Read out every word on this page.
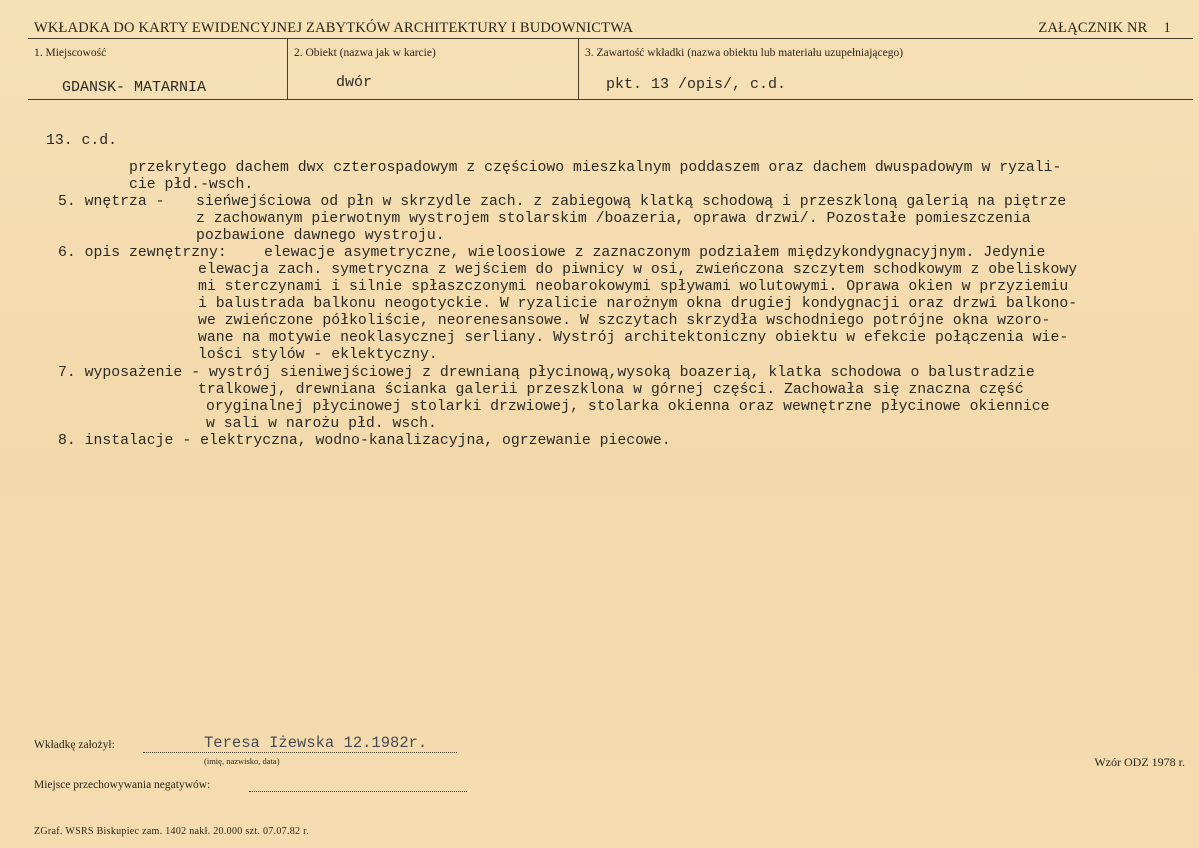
WKŁADKA DO KARTY EWIDENCYJNEJ ZABYTKÓW ARCHITEKTURY I BUDOWNICTWA	ZAŁĄCZNIK NR 1
1. Miejscowość	2. Obiekt (nazwa jak w karcie)	3. Zawartość wkładki (nazwa obiektu lub materiału uzupełniającego)
GDANSK- MATARNIA	dwór	pkt. 13 /opis/, c.d.
13. c.d.
przekrytego dachem dwx czterospadowym z częściowo mieszkalnym poddaszem oraz dachem dwuspadowym w ryzali-
cie płd.-wsch.
5. wnętrza - sieńwejściowa od płn w skrzydle zach. z zabiegową klatką schodową i przeszkloną galerią na piętrze
z zachowanym pierwotnym wystrojem stolarskim /boazeria, oprawa drzwi/. Pozostałe pomieszczenia
pozbawione dawnego wystroju.
6. opis zewnętrzny:	elewacje asymetryczne, wieloosiowe z zaznaczonym podziałem międzykondygnacyjnym. Jedynie
elewacja zach. symetryczna z wejściem do piwnicy w osi, zwieńczona szczytem schodkowym z obeliskowy
mi sterczynami i silnie spłaszczonymi neobarokowymi spływami wolutowymi. Oprawa okien w przyziemiu
i balustrada balkonu neogotyckie. W ryzalicie narożnym okna drugiej kondygnacji oraz drzwi balkono-
we zwieńczone półkoliście, neorenesansowe. W szczytach skrzydła wschodniego potrójne okna wzoro-
wane na motywie neoklasycznej serliany. Wystrój architektoniczny obiektu w efekcie połączenia wie-
lości stylów - eklektyczny.
7. wyposażenie - wystrój sieniwejściowej z drewnianą płycinową,wysoką boazerią, klatka schodowa o balustradzie
tralkowej, drewniana ścianka galerii przeszklona w górnej części. Zachowała się znaczna część
oryginalnej płycinowej stolarki drzwiowej, stolarka okienna oraz wewnętrzne płycinowe okiennice
w sali w narożu płd. wsch.
8. instalacje - elektryczna, wodno-kanalizacyjna, ogrzewanie piecowe.
Wkładkę założył:	Teresa Iżewska 12.1982r.
(imię, nazwisko, data)	Wzór ODZ 1978 r.
Miejsce przechowywania negatywów:
ZGraf. WSRS Biskupiec zam. 1402 nakł. 20.000 szt. 07.07.82 r.
